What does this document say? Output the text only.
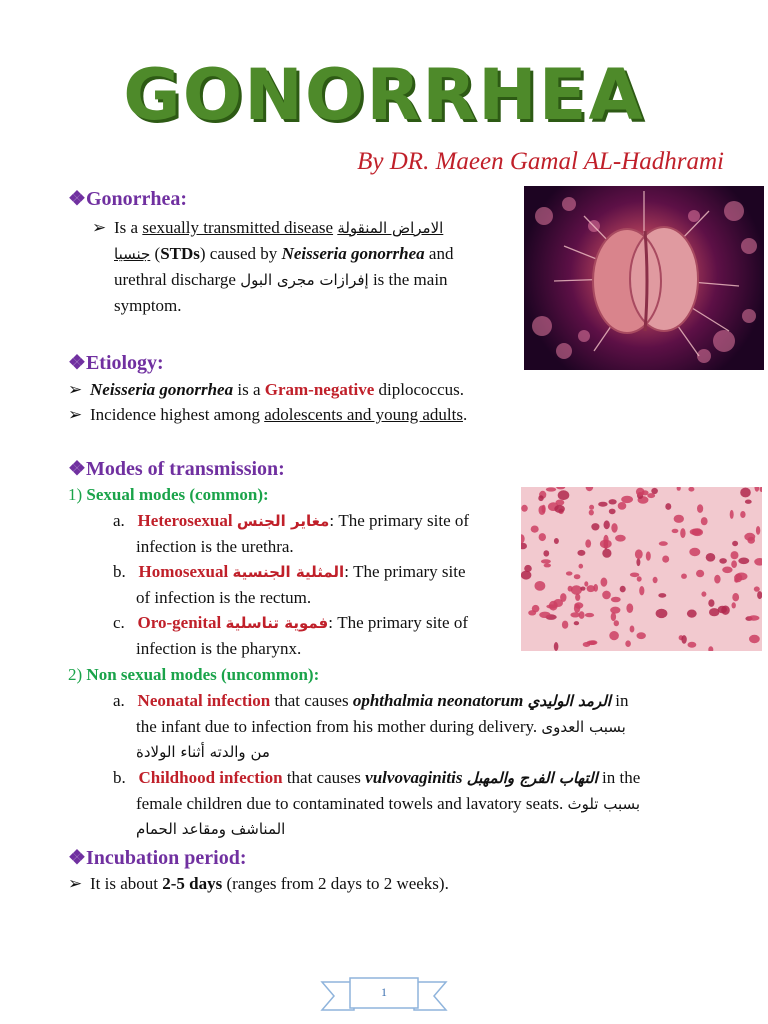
GONORRHEA
By DR. Maeen Gamal AL-Hadhrami
❖Gonorrhea:
➢ Is a sexually transmitted disease الامراض المنقولة
جنسيا (STDs) caused by Neisseria gonorrhea and
urethral discharge إفرازات مجرى البول is the main
symptom.
❖Etiology:
➢ Neisseria gonorrhea is a Gram-negative diplococcus.
➢ Incidence highest among adolescents and young adults.
❖Modes of transmission:
1) Sexual modes (common):
a. Heterosexual مغاير الجنس: The primary site of
infection is the urethra.
b. Homosexual المثلية الجنسية: The primary site
of infection is the rectum.
c. Oro-genital فموية تناسلية: The primary site of
infection is the pharynx.
2) Non sexual modes (uncommon):
a. Neonatal infection that causes ophthalmia neonatorum الرمد الوليدي in
the infant due to infection from his mother during delivery. بسبب العدوى
من والدته أثناء الولادة
b. Childhood infection that causes vulvovaginitis التهاب الفرج والمهبل in the
female children due to contaminated towels and lavatory seats. بسبب تلوث
المناشف ومقاعد الحمام
❖Incubation period:
➢ It is about 2-5 days (ranges from 2 days to 2 weeks).
1
